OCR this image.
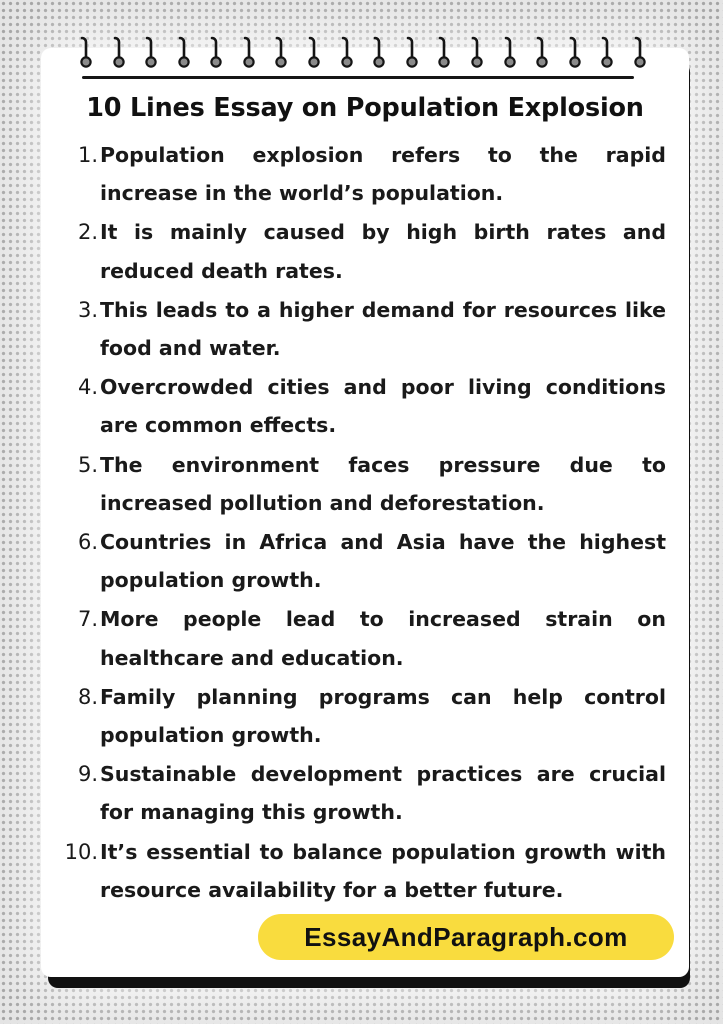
10 Lines Essay on Population Explosion
1. Population explosion refers to the rapid increase in the world’s population.
2. It is mainly caused by high birth rates and reduced death rates.
3. This leads to a higher demand for resources like food and water.
4. Overcrowded cities and poor living conditions are common effects.
5. The environment faces pressure due to increased pollution and deforestation.
6. Countries in Africa and Asia have the highest population growth.
7. More people lead to increased strain on healthcare and education.
8. Family planning programs can help control population growth.
9. Sustainable development practices are crucial for managing this growth.
10. It’s essential to balance population growth with resource availability for a better future.
EssayAndParagraph.com
